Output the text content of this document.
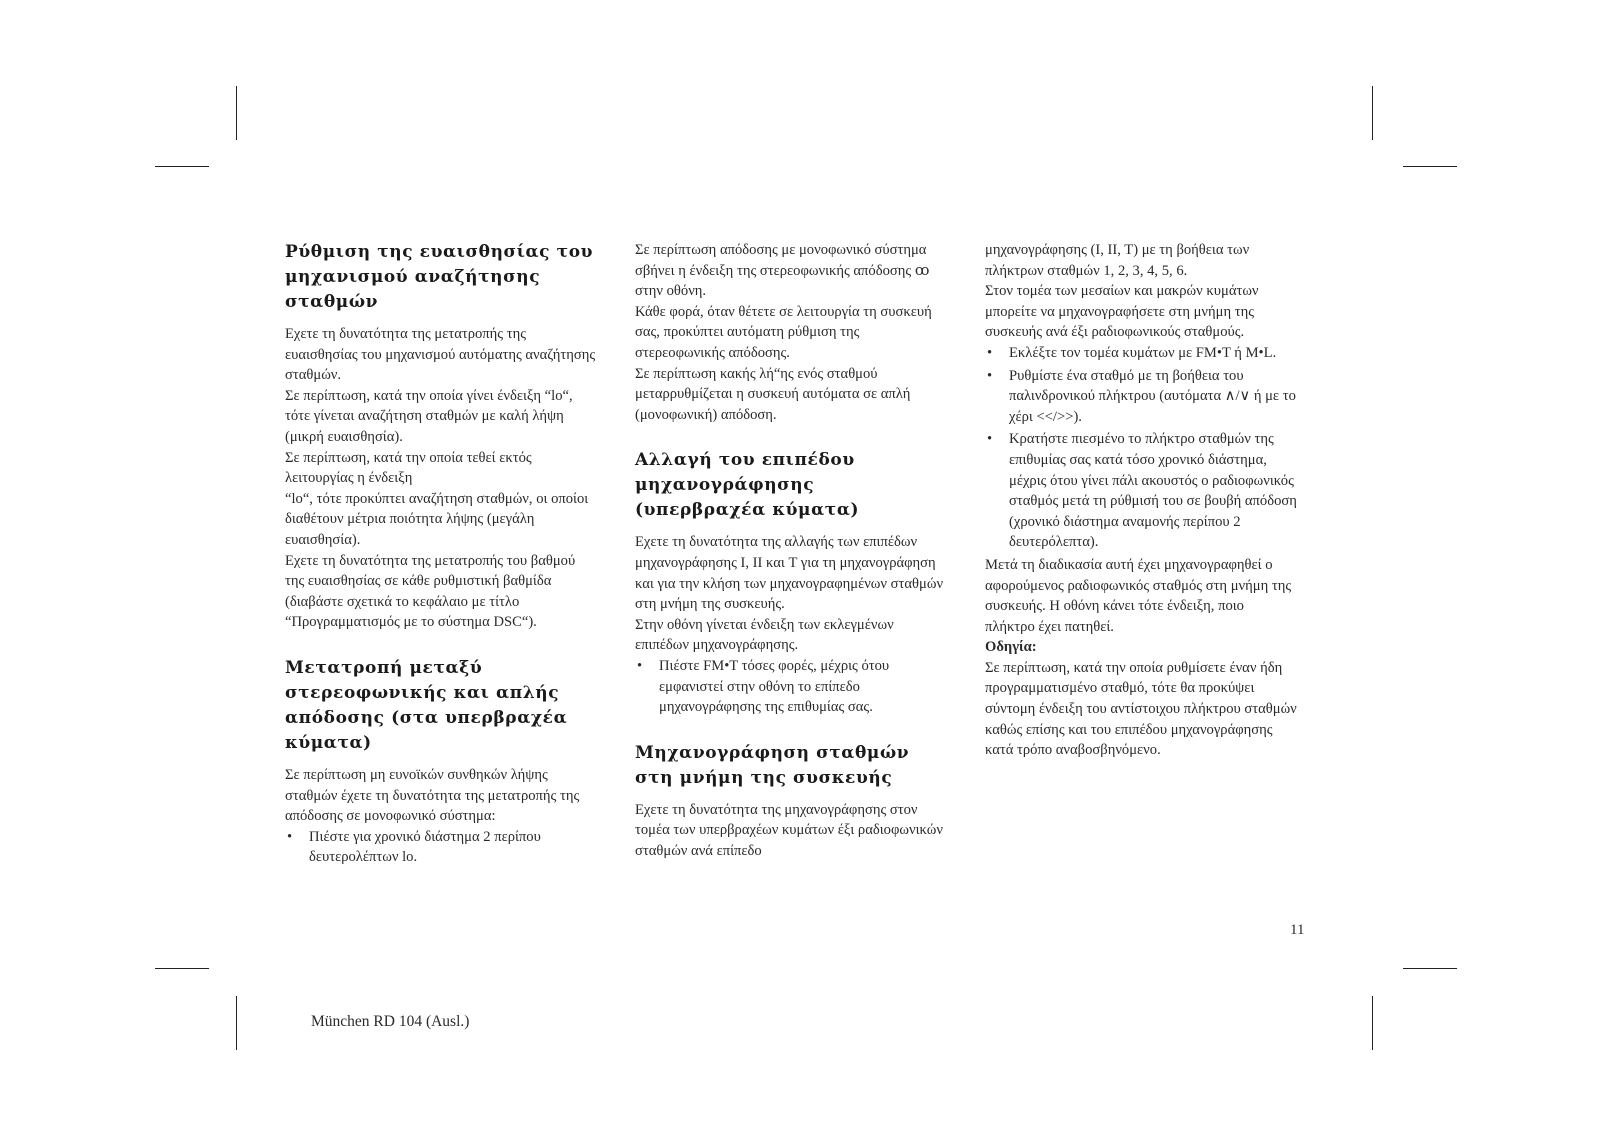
Ρύθμιση της ευαισθησίας του μηχανισμού αναζήτησης σταθμών

Εχετε τη δυνατότητα της μετατροπής της ευαισθησίας του μηχανισμού αυτόματης αναζήτησης σταθμών.

Σε περίπτωση, κατά την οποία γίνει ένδειξη “lo“, τότε γίνεται αναζήτηση σταθμών με καλή λήψη (μικρή ευαισθησία).

Σε περίπτωση, κατά την οποία τεθεί εκτός λειτουργίας η ένδειξη

“lo“, τότε προκύπτει αναζήτηση σταθμών, οι οποίοι διαθέτουν μέτρια ποιότητα λήψης (μεγάλη ευαισθησία).

Εχετε τη δυνατότητα της μετατροπής του βαθμού της ευαισθησίας σε κάθε ρυθμιστική βαθμίδα (διαβάστε σχετικά το κεφάλαιο με τίτλο “Προγραμματισμός με το σύστημα DSC“).

Μετατροπή μεταξύ στερεοφωνικής και απλής απόδοσης (στα υπερβραχέα κύματα)

Σε περίπτωση μη ευνοϊκών συνθηκών λήψης σταθμών έχετε τη δυνατότητα της μετατροπής της απόδοσης σε μονοφωνικό σύστημα:

• Πιέστε για χρονικό διάστημα 2 περίπου δευτερολέπτων lo.

Σε περίπτωση απόδοσης με μονοφωνικό σύστημα σβήνει η ένδειξη της στερεοφωνικής απόδοσης ꝏ στην οθόνη.

Κάθε φορά, όταν θέτετε σε λειτουργία τη συσκευή σας, προκύπτει αυτόματη ρύθμιση της στερεοφωνικής απόδοσης.

Σε περίπτωση κακής λή“ης ενός σταθμού μεταρρυθμίζεται η συσκευή αυτόματα σε απλή (μονοφωνική) απόδοση.

Αλλαγή του επιπέδου μηχανογράφησης (υπερβραχέα κύματα)

Εχετε τη δυνατότητα της αλλαγής των επιπέδων μηχανογράφησης I, II και T για τη μηχανογράφηση και για την κλήση των μηχανογραφημένων σταθμών στη μνήμη της συσκευής.

Στην οθόνη γίνεται ένδειξη των εκλεγμένων επιπέδων μηχανογράφησης.

• Πιέστε FM•T τόσες φορές, μέχρις ότου εμφανιστεί στην οθόνη το επίπεδο μηχανογράφησης της επιθυμίας σας.
Μηχανογράφηση σταθμών στη μνήμη της συσκευής

Εχετε τη δυνατότητα της μηχανογράφησης στον τομέα των υπερβραχέων κυμάτων έξι ραδιοφωνικών σταθμών ανά επίπεδο

μηχανογράφησης (I, II, T) με τη βοήθεια των πλήκτρων σταθμών 1, 2, 3, 4, 5, 6.

Στον τομέα των μεσαίων και μακρών κυμάτων μπορείτε να μηχανογραφήσετε στη μνήμη της συσκευής ανά έξι ραδιοφωνικούς σταθμούς.

• Εκλέξτε τον τομέα κυμάτων με FM•T ή M•L.
• Ρυθμίστε ένα σταθμό με τη βοήθεια του παλινδρονικού πλήκτρου (αυτόματα ∧/∨ ή με το χέρι <</>>).
• Κρατήστε πιεσμένο το πλήκτρο σταθμών της επιθυμίας σας κατά τόσο χρονικό διάστημα, μέχρις ότου γίνει πάλι ακουστός ο ραδιοφωνικός σταθμός μετά τη ρύθμισή του σε βουβή απόδοση (χρονικό διάστημα αναμονής περίπου 2 δευτερόλεπτα).

Μετά τη διαδικασία αυτή έχει μηχανογραφηθεί ο αφορούμενος ραδιοφωνικός σταθμός στη μνήμη της συσκευής. Η οθόνη κάνει τότε ένδειξη, ποιο πλήκτρο έχει πατηθεί.

Οδηγία:

Σε περίπτωση, κατά την οποία ρυθμίσετε έναν ήδη προγραμματισμένο σταθμό, τότε θα προκύψει σύντομη ένδειξη του αντίστοιχου πλήκτρου σταθμών καθώς επίσης και του επιπέδου μηχανογράφησης κατά τρόπο αναβοσβηνόμενο.

11
München RD 104 (Ausl.)
